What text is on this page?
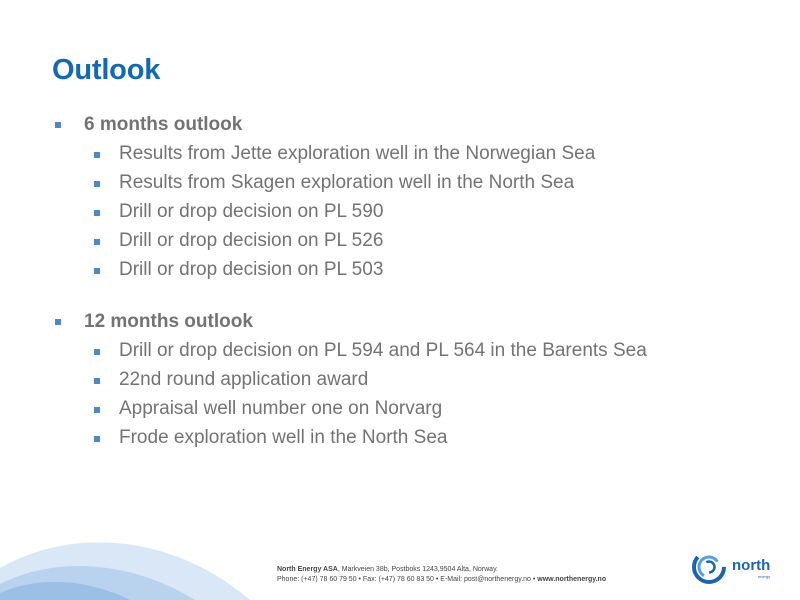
Outlook
6 months outlook
Results from Jette exploration well in the Norwegian Sea
Results from Skagen exploration well in the North Sea
Drill or drop decision on PL 590
Drill or drop decision on PL 526
Drill or drop decision on PL 503
12 months outlook
Drill or drop decision on PL 594 and PL 564 in the Barents Sea
22nd round application award
Appraisal well number one on Norvarg
Frode exploration well in the North Sea
North Energy ASA, Markveien 38b, Postboks 1243,9504 Alta, Norway.
Phone: (+47) 78 60 79 50 • Fax: (+47) 78 60 83 50 • E-Mail: post@northenergy.no • www.northenergy.no
north
energy
